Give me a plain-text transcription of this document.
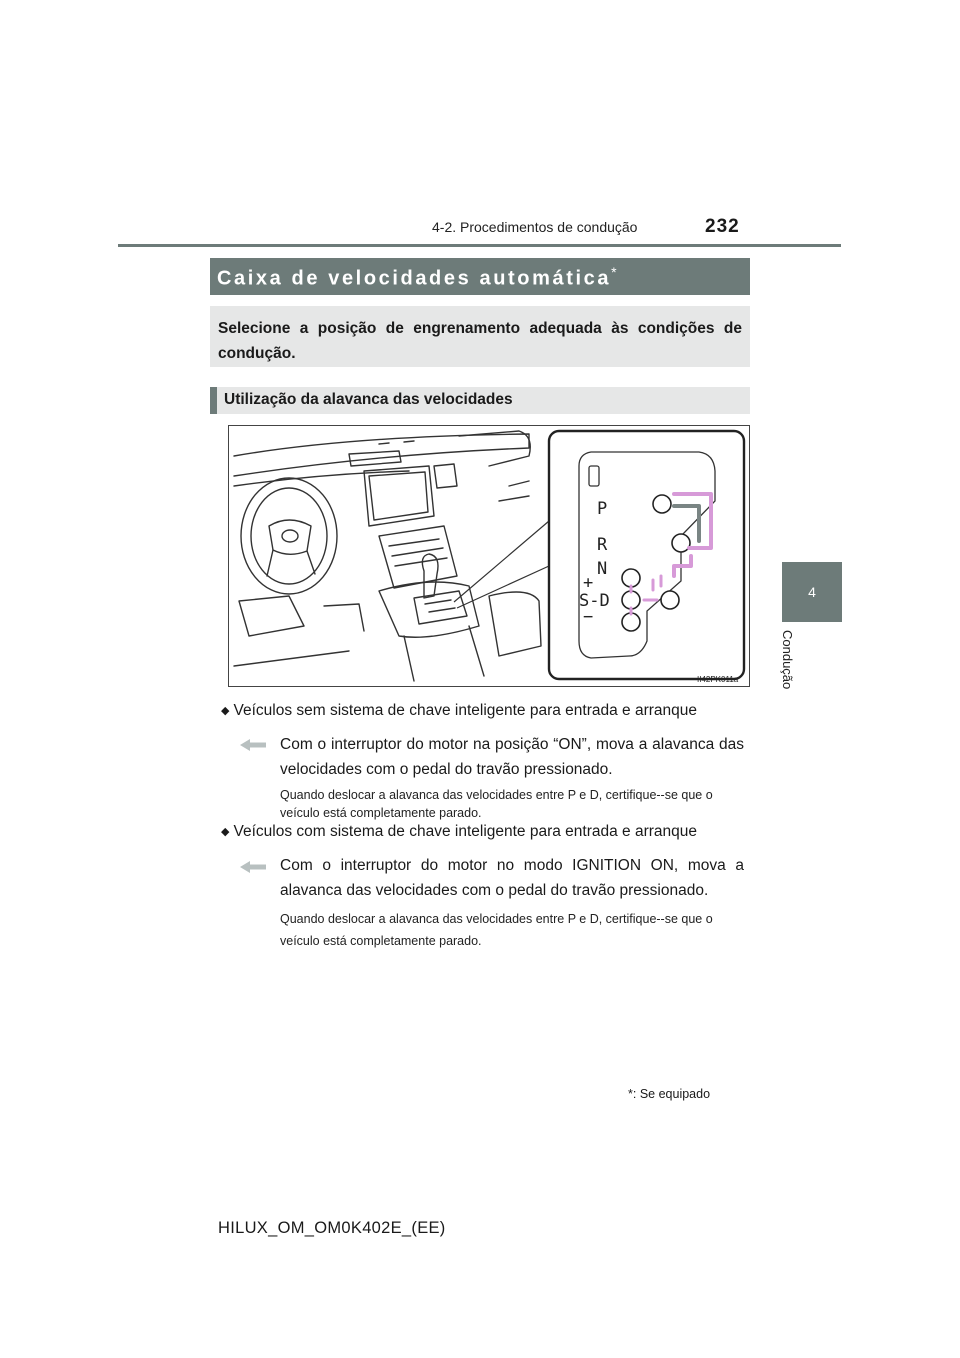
4-2. Procedimentos de condução	232
4
Condução
Caixa de velocidades automática*
Selecione a posição de engrenamento adequada às condições de condução.
Utilização da alavanca das velocidades
P
R
N
+
S-D
−
II42PK011a
◆ Veículos sem sistema de chave inteligente para entrada e arranque
Com o interruptor do motor na posição “ON”, mova a alavanca das velocidades com o pedal do travão pressionado.
Quando deslocar a alavanca das velocidades entre P e D, certifique--se que o veículo está completamente parado.
◆ Veículos com sistema de chave inteligente para entrada e arranque
Com o interruptor do motor no modo IGNITION ON, mova a alavanca das velocidades com o pedal do travão pressionado.
Quando deslocar a alavanca das velocidades entre P e D, certifique--se que o veículo está completamente parado.
*: Se equipado
HILUX_OM_OM0K402E_(EE)
